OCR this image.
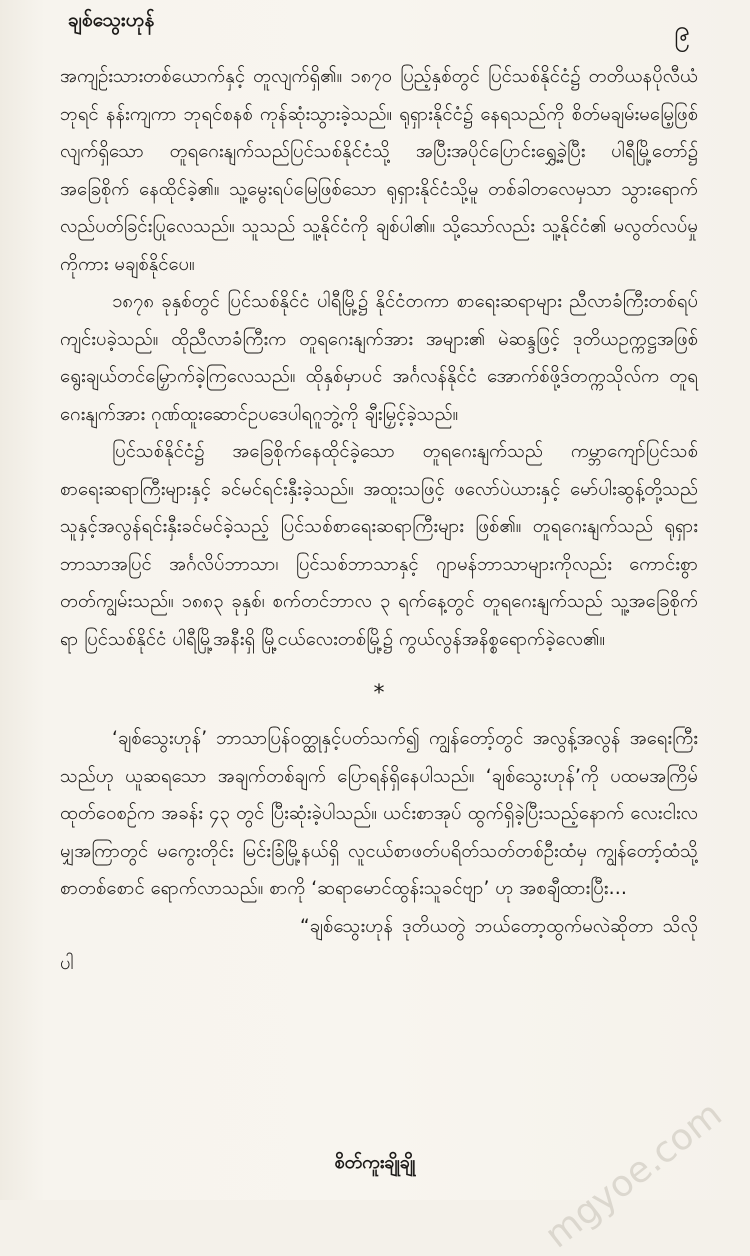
ချစ်သွေးဟုန်	၉

အကျဉ်းသားတစ်ယောက်နှင့် တူလျက်ရှိ၏။ ၁၈၇၀ ပြည့်နှစ်တွင် ပြင်သစ်နိုင်ငံ၌ တတိယနပိုလီယံဘုရင် နန်းကျကာ ဘုရင်စနစ် ကုန်ဆုံးသွားခဲ့သည်။ ရုရှားနိုင်ငံ၌ နေရသည်ကို စိတ်မချမ်းမမြေ့ဖြစ်လျက်ရှိသော တူရဂေးနျက်သည်ပြင်သစ်နိုင်ငံသို့ အပြီးအပိုင်ပြောင်းရွှေ့ခဲ့ပြီး ပါရီမြို့တော်၌ အခြေစိုက် နေထိုင်ခဲ့၏။ သူ့မွေးရပ်မြေဖြစ်သော ရုရှားနိုင်ငံသို့မူ တစ်ခါတလေမှသာ သွားရောက်လည်ပတ်ခြင်းပြုလေသည်။ သူသည် သူ့နိုင်ငံကို ချစ်ပါ၏။ သို့သော်လည်း သူ့နိုင်ငံ၏ မလွတ်လပ်မှုကိုကား မချစ်နိုင်ပေ။

၁၈၇၈ ခုနှစ်တွင် ပြင်သစ်နိုင်ငံ ပါရီမြို့၌ နိုင်ငံတကာ စာရေးဆရာများ ညီလာခံကြီးတစ်ရပ် ကျင်းပခဲ့သည်။ ထိုညီလာခံကြီးက တူရဂေးနျက်အား အများ၏ မဲဆန္ဒဖြင့် ဒုတိယဥက္ကဋ္ဌအဖြစ် ရွေးချယ်တင်မြှောက်ခဲ့ကြလေသည်။ ထိုနှစ်မှာပင် အင်္ဂလန်နိုင်ငံ အောက်စ်ဖို့ဒ်တက္ကသိုလ်က တူရဂေးနျက်အား ဂုဏ်ထူးဆောင်ဥပဒေပါရဂူဘွဲ့ကို ချီးမြှင့်ခဲ့သည်။

ပြင်သစ်နိုင်ငံ၌ အခြေစိုက်နေထိုင်ခဲ့သော တူရဂေးနျက်သည် ကမ္ဘာကျော်ပြင်သစ်စာရေးဆရာကြီးများနှင့် ခင်မင်ရင်းနှီးခဲ့သည်။ အထူးသဖြင့် ဖလော်ပဲယားနှင့် မော်ပါးဆွန့်တို့သည် သူနှင့်အလွန်ရင်းနှီးခင်မင်ခဲ့သည့် ပြင်သစ်စာရေးဆရာကြီးများ ဖြစ်၏။ တူရဂေးနျက်သည် ရုရှားဘာသာအပြင် အင်္ဂလိပ်ဘာသာ၊ ပြင်သစ်ဘာသာနှင့် ဂျာမန်ဘာသာများကိုလည်း ကောင်းစွာတတ်ကျွမ်းသည်။ ၁၈၈၃ ခုနှစ်၊ စက်တင်ဘာလ ၃ ရက်နေ့တွင် တူရဂေးနျက်သည် သူ့အခြေစိုက်ရာ ပြင်သစ်နိုင်ငံ ပါရီမြို့အနီးရှိ မြို့ငယ်လေးတစ်မြို့၌ ကွယ်လွန်အနိစ္စရောက်ခဲ့လေ၏။

*

‘ချစ်သွေးဟုန်’ ဘာသာပြန်ဝတ္ထုနှင့်ပတ်သက်၍ ကျွန်တော့်တွင် အလွန့်အလွန် အရေးကြီးသည်ဟု ယူဆရသော အချက်တစ်ချက် ပြောရန်ရှိနေပါသည်။ ‘ချစ်သွေးဟုန်’ကို ပထမအကြိမ် ထုတ်ဝေစဉ်က အခန်း ၄၃ တွင် ပြီးဆုံးခဲ့ပါသည်။ ယင်းစာအုပ် ထွက်ရှိခဲ့ပြီးသည့်နောက် လေးငါးလမျှအကြာတွင် မကွေးတိုင်း မြင်းခြံမြို့နယ်ရှိ လူငယ်စာဖတ်ပရိတ်သတ်တစ်ဦးထံမှ ကျွန်တော့်ထံသို့ စာတစ်စောင် ရောက်လာသည်။ စာကို ‘ဆရာမောင်ထွန်းသူခင်ဗျာ’ ဟု အစချီထားပြီး…

“ချစ်သွေးဟုန် ဒုတိယတွဲ ဘယ်တော့ထွက်မလဲဆိုတာ သိလိုပါ

စိတ်ကူးချိုချို	mgyoe.com
